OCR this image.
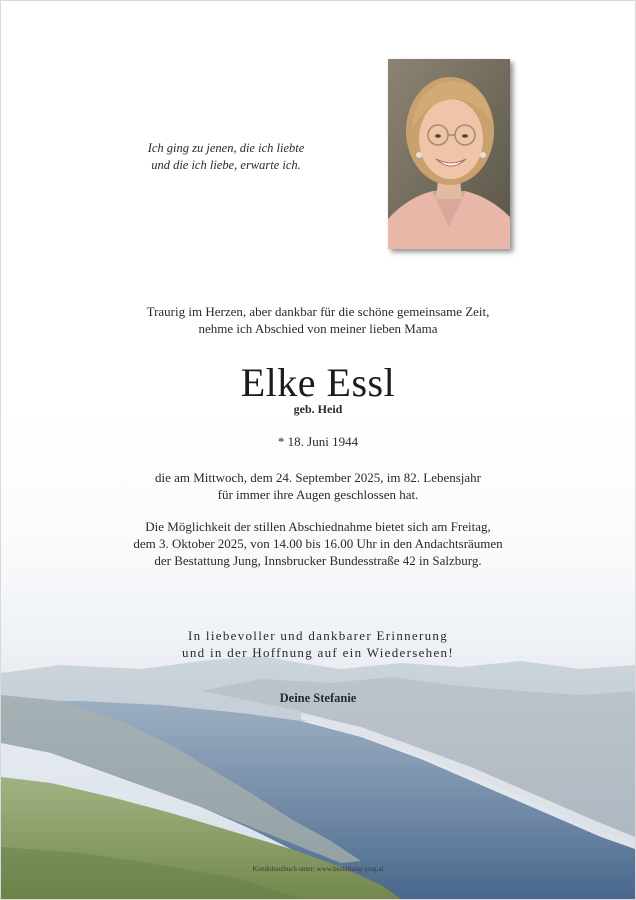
Ich ging zu jenen, die ich liebte
und die ich liebe, erwarte ich.
Traurig im Herzen, aber dankbar für die schöne gemeinsame Zeit,
nehme ich Abschied von meiner lieben Mama
Elke Essl
geb. Heid
* 18. Juni 1944
die am Mittwoch, dem 24. September 2025, im 82. Lebensjahr
für immer ihre Augen geschlossen hat.
Die Möglichkeit der stillen Abschiednahme bietet sich am Freitag,
dem 3. Oktober 2025, von 14.00 bis 16.00 Uhr in den Andachtsräumen
der Bestattung Jung, Innsbrucker Bundesstraße 42 in Salzburg.
In liebevoller und dankbarer Erinnerung
und in der Hoffnung auf ein Wiedersehen!
Deine Stefanie
Kondolenzbuch unter: www.bestattung-jung.at
